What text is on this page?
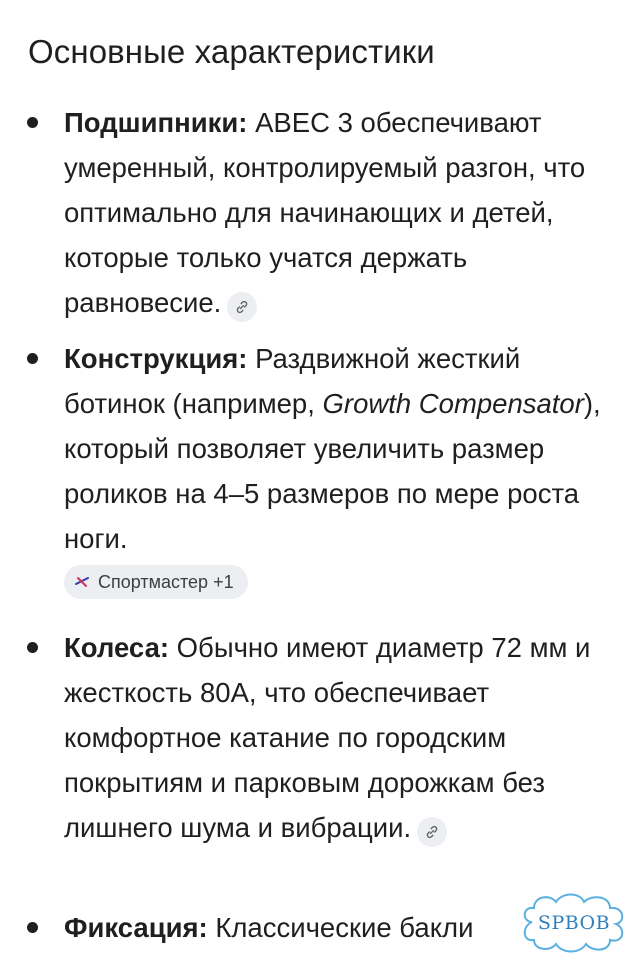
Основные характеристики
Подшипники: ABEC 3 обеспечивают умеренный, контролируемый разгон, что оптимально для начинающих и детей, которые только учатся держать равновесие.
Конструкция: Раздвижной жесткий ботинок (например, Growth Compensator), который позволяет увеличить размер роликов на 4–5 размеров по мере роста ноги.
Спортмастер +1
Колеса: Обычно имеют диаметр 72 мм и жесткость 80А, что обеспечивает комфортное катание по городским покрытиям и парковым дорожкам без лишнего шума и вибрации.
Фиксация: Классические бакли	SPBOB
